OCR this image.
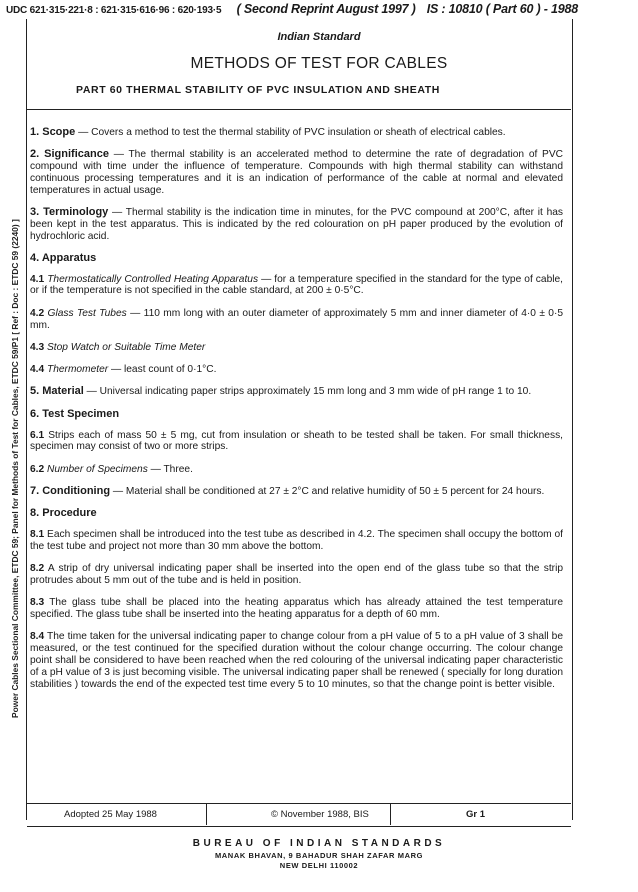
UDC 621·315·221·8 : 621·315·616·96 : 620·193·5 ( Second Reprint August 1997 ) IS : 10810 ( Part 60 ) - 1988
Power Cables Sectional Committee, ETDC 59; Panel for Methods of Test for Cables, ETDC 59/P1 [ Ref : Doc : ETDC 59 (2240) ]
Indian Standard
METHODS OF TEST FOR CABLES
PART 60 THERMAL STABILITY OF PVC INSULATION AND SHEATH

1. Scope — Covers a method to test the thermal stability of PVC insulation or sheath of electrical cables.

2. Significance — The thermal stability is an accelerated method to determine the rate of degradation of PVC compound with time under the influence of temperature. Compounds with high thermal stability can withstand continuous processing temperatures and it is an indication of performance of the cable at normal and elevated temperatures in actual usage.

3. Terminology — Thermal stability is the indication time in minutes, for the PVC compound at 200°C, after it has been kept in the test apparatus. This is indicated by the red colouration on pH paper produced by the evolution of hydrochloric acid.

4. Apparatus

4.1 Thermostatically Controlled Heating Apparatus — for a temperature specified in the standard for the type of cable, or if the temperature is not specified in the cable standard, at 200 ± 0·5°C.

4.2 Glass Test Tubes — 110 mm long with an outer diameter of approximately 5 mm and inner diameter of 4·0 ± 0·5 mm.

4.3 Stop Watch or Suitable Time Meter

4.4 Thermometer — least count of 0·1°C.

5. Material — Universal indicating paper strips approximately 15 mm long and 3 mm wide of pH range 1 to 10.

6. Test Specimen

6.1 Strips each of mass 50 ± 5 mg, cut from insulation or sheath to be tested shall be taken. For small thickness, specimen may consist of two or more strips.

6.2 Number of Specimens — Three.

7. Conditioning — Material shall be conditioned at 27 ± 2°C and relative humidity of 50 ± 5 percent for 24 hours.

8. Procedure

8.1 Each specimen shall be introduced into the test tube as described in 4.2. The specimen shall occupy the bottom of the test tube and project not more than 30 mm above the bottom.

8.2 A strip of dry universal indicating paper shall be inserted into the open end of the glass tube so that the strip protrudes about 5 mm out of the tube and is held in position.

8.3 The glass tube shall be placed into the heating apparatus which has already attained the test temperature specified. The glass tube shall be inserted into the heating apparatus for a depth of 60 mm.

8.4 The time taken for the universal indicating paper to change colour from a pH value of 5 to a pH value of 3 shall be measured, or the test continued for the specified duration without the colour change occurring. The colour change point shall be considered to have been reached when the red colouring of the universal indicating paper characteristic of a pH value of 3 is just becoming visible. The universal indicating paper shall be renewed ( specially for long duration stabilities ) towards the end of the expected test time every 5 to 10 minutes, so that the change point is better visible.

Adopted 25 May 1988	© November 1988, BIS	Gr 1
BUREAU OF INDIAN STANDARDS
MANAK BHAVAN, 9 BAHADUR SHAH ZAFAR MARG
NEW DELHI 110002
